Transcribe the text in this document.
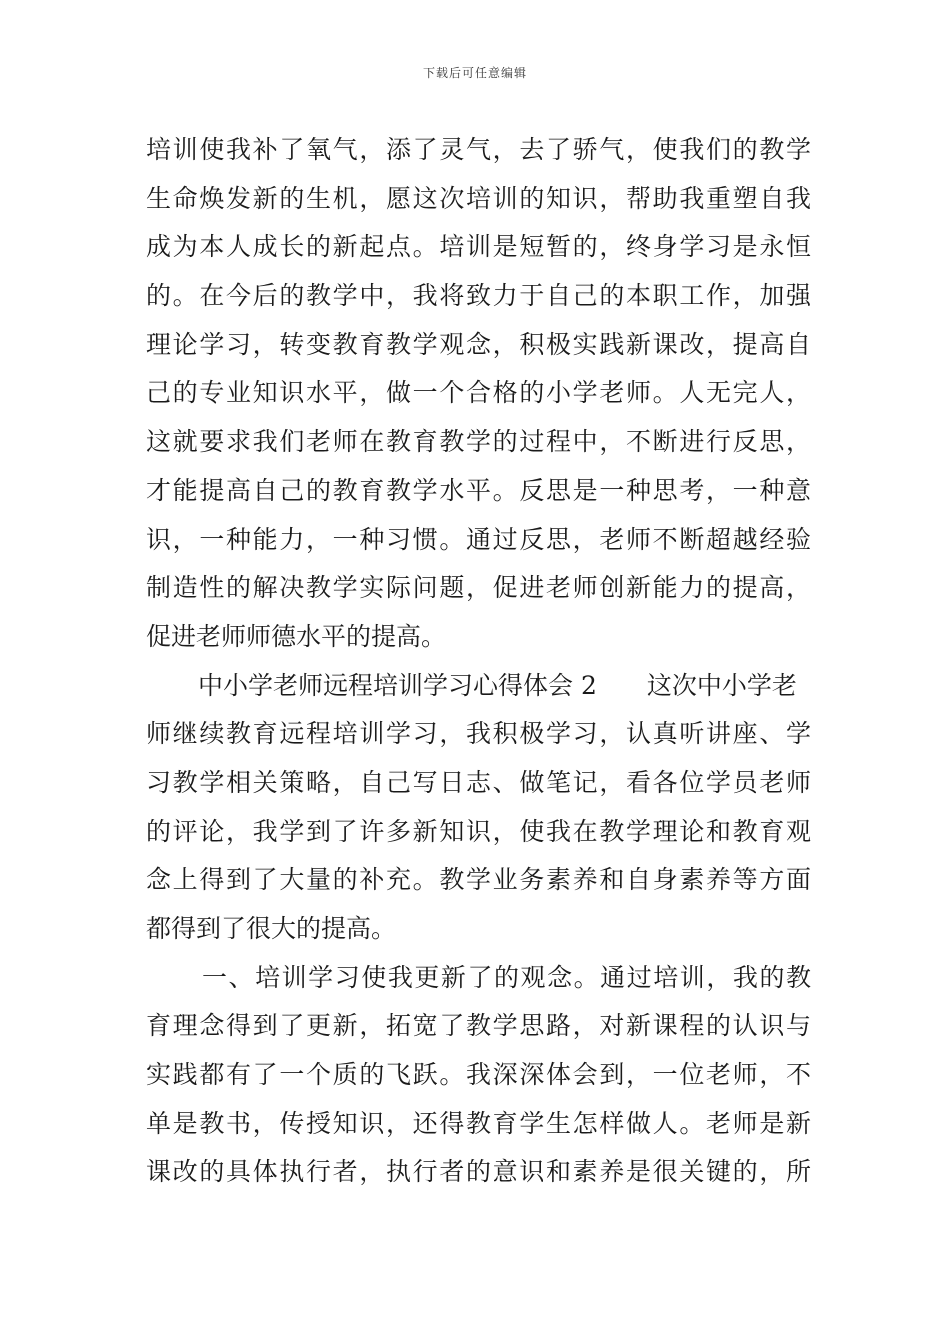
下载后可任意编辑
培训使我补了氧气，添了灵气，去了骄气，使我们的教学
生命焕发新的生机，愿这次培训的知识，帮助我重塑自我
成为本人成长的新起点。培训是短暂的，终身学习是永恒
的。在今后的教学中，我将致力于自己的本职工作，加强
理论学习，转变教育教学观念，积极实践新课改，提高自
己的专业知识水平，做一个合格的小学老师。人无完人，
这就要求我们老师在教育教学的过程中，不断进行反思，
才能提高自己的教育教学水平。反思是一种思考，一种意
识，一种能力，一种习惯。通过反思，老师不断超越经验
制造性的解决教学实际问题，促进老师创新能力的提高，
促进老师师德水平的提高。
中小学老师远程培训学习心得体会 2 这次中小学老
师继续教育远程培训学习，我积极学习，认真听讲座、学
习教学相关策略，自己写日志、做笔记，看各位学员老师
的评论，我学到了许多新知识，使我在教学理论和教育观
念上得到了大量的补充。教学业务素养和自身素养等方面
都得到了很大的提高。
一、培训学习使我更新了的观念。通过培训，我的教
育理念得到了更新，拓宽了教学思路，对新课程的认识与
实践都有了一个质的飞跃。我深深体会到，一位老师，不
单是教书，传授知识，还得教育学生怎样做人。老师是新
课改的具体执行者，执行者的意识和素养是很关键的，所
